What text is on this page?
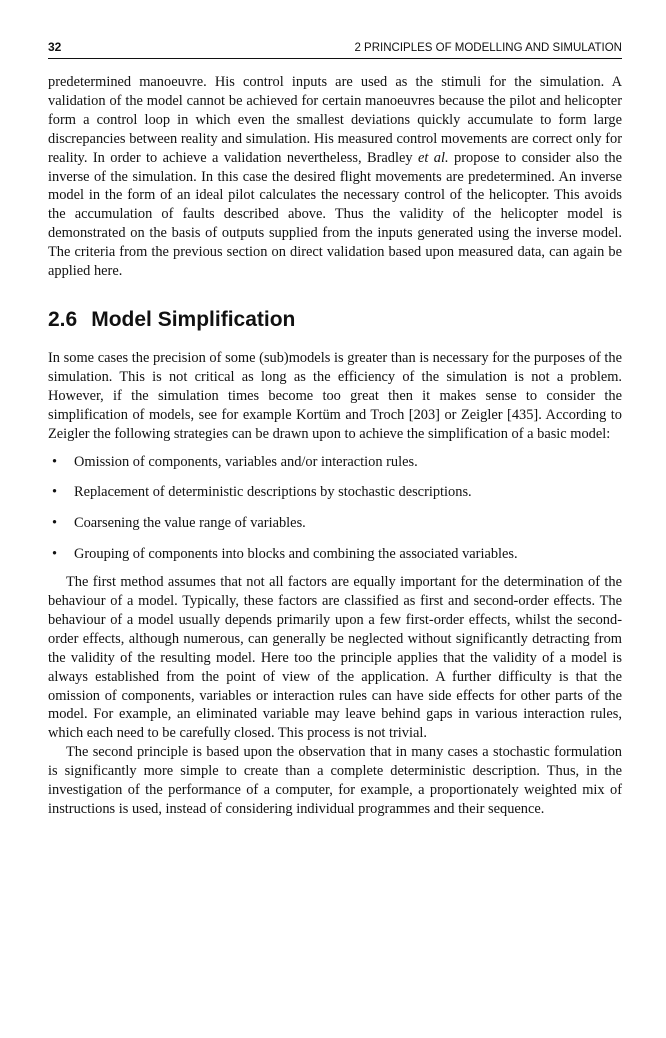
32	2 PRINCIPLES OF MODELLING AND SIMULATION

predetermined manoeuvre. His control inputs are used as the stimuli for the simulation. A validation of the model cannot be achieved for certain manoeuvres because the pilot and helicopter form a control loop in which even the smallest deviations quickly accumulate to form large discrepancies between reality and simulation. His measured control movements are correct only for reality. In order to achieve a validation nevertheless, Bradley et al. propose to consider also the inverse of the simulation. In this case the desired flight movements are predetermined. An inverse model in the form of an ideal pilot calculates the necessary control of the helicopter. This avoids the accumulation of faults described above. Thus the validity of the helicopter model is demonstrated on the basis of outputs supplied from the inputs generated using the inverse model. The criteria from the previous section on direct validation based upon measured data, can again be applied here.

2.6 Model Simplification

In some cases the precision of some (sub)models is greater than is necessary for the purposes of the simulation. This is not critical as long as the efficiency of the simulation is not a problem. However, if the simulation times become too great then it makes sense to consider the simplification of models, see for example Kortüm and Troch [203] or Zeigler [435]. According to Zeigler the following strategies can be drawn upon to achieve the simplification of a basic model:

• Omission of components, variables and/or interaction rules.
• Replacement of deterministic descriptions by stochastic descriptions.
• Coarsening the value range of variables.
• Grouping of components into blocks and combining the associated variables.

The first method assumes that not all factors are equally important for the determination of the behaviour of a model. Typically, these factors are classified as first and second-order effects. The behaviour of a model usually depends primarily upon a few first-order effects, whilst the second-order effects, although numerous, can generally be neglected without significantly detracting from the validity of the resulting model. Here too the principle applies that the validity of a model is always established from the point of view of the application. A further difficulty is that the omission of components, variables or interaction rules can have side effects for other parts of the model. For example, an eliminated variable may leave behind gaps in various interaction rules, which each need to be carefully closed. This process is not trivial.

The second principle is based upon the observation that in many cases a stochastic formulation is significantly more simple to create than a complete deterministic description. Thus, in the investigation of the performance of a computer, for example, a proportionately weighted mix of instructions is used, instead of considering individual programmes and their sequence.
